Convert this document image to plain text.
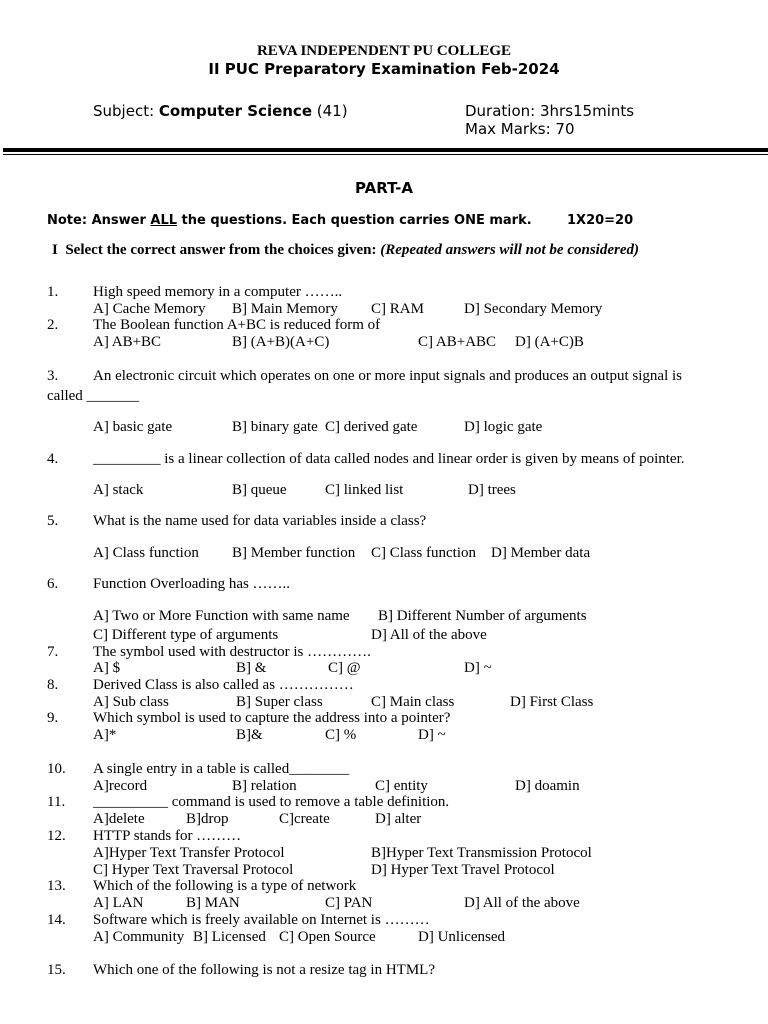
REVA INDEPENDENT PU COLLEGE
II PUC Preparatory Examination Feb-2024
Subject: Computer Science (41)	Duration: 3hrs15mints
Max Marks: 70
PART-A
Note: Answer ALL the questions. Each question carries ONE mark.	1X20=20
I Select the correct answer from the choices given: (Repeated answers will not be considered)
1. High speed memory in a computer ……..
A] Cache Memory B] Main Memory C] RAM	D] Secondary Memory
2. The Boolean function A+BC is reduced form of
A] AB+BC	B] (A+B)(A+C)	C] AB+ABC D] (A+C)B
3. An electronic circuit which operates on one or more input signals and produces an output signal is
called _______
A] basic gate	B] binary gate C] derived gate	D] logic gate
4. _________ is a linear collection of data called nodes and linear order is given by means of pointer.
A] stack	B] queue	C] linked list	D] trees
5. What is the name used for data variables inside a class?
A] Class function B] Member function C] Class function D] Member data
6. Function Overloading has ……..
A] Two or More Function with same name B] Different Number of arguments
C] Different type of arguments	D] All of the above
7. The symbol used with destructor is ………….
A] $	B] &	C] @	D] ~
8. Derived Class is also called as ……………
A] Sub class	B] Super class	C] Main class	D] First Class
9. Which symbol is used to capture the address into a pointer?
A]*	B]&	C] %	D] ~
10. A single entry in a table is called________
A]record	B] relation	C] entity	D] doamin
11. __________ command is used to remove a table definition.
A]delete	B]drop	C]create	D] alter
12. HTTP stands for ………
A]Hyper Text Transfer Protocol	B]Hyper Text Transmission Protocol
C] Hyper Text Traversal Protocol	D] Hyper Text Travel Protocol
13. Which of the following is a type of network
A] LAN	B] MAN	C] PAN	D] All of the above
14. Software which is freely available on Internet is ………
A] Community B] Licensed C] Open Source	D] Unlicensed
15. Which one of the following is not a resize tag in HTML?
